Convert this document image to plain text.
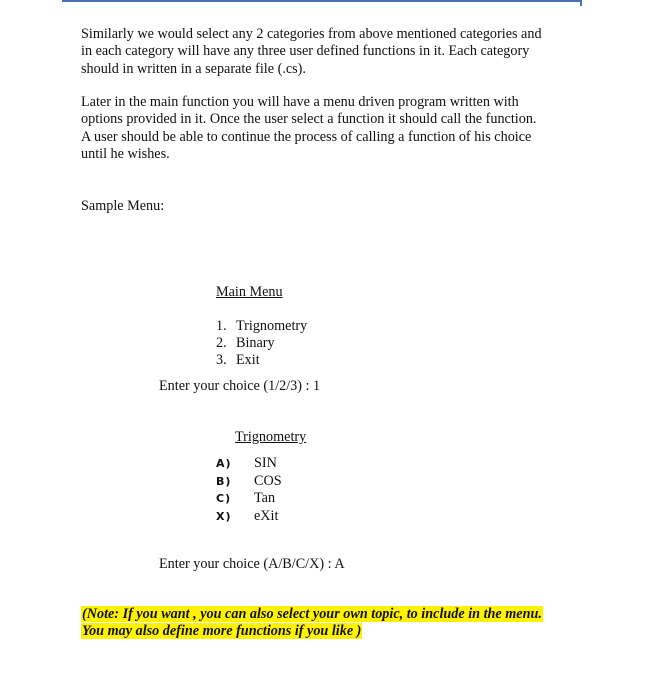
Similarly we would select any 2 categories from above mentioned categories and
in each category will have any three user defined functions in it. Each category
should in written in a separate file (.cs).

Later in the main function you will have a menu driven program written with
options provided in it. Once the user select a function it should call the function.
A user should be able to continue the process of calling a function of his choice
until he wishes.

Sample Menu:
Main Menu
1. Trignometry
2. Binary
3. Exit
Enter your choice (1/2/3) : 1
Trignometry
A) SIN
B) COS
C) Tan
X) eXit
Enter your choice (A/B/C/X) : A
(Note: If you want , you can also select your own topic, to include in the menu.
You may also define more functions if you like )
